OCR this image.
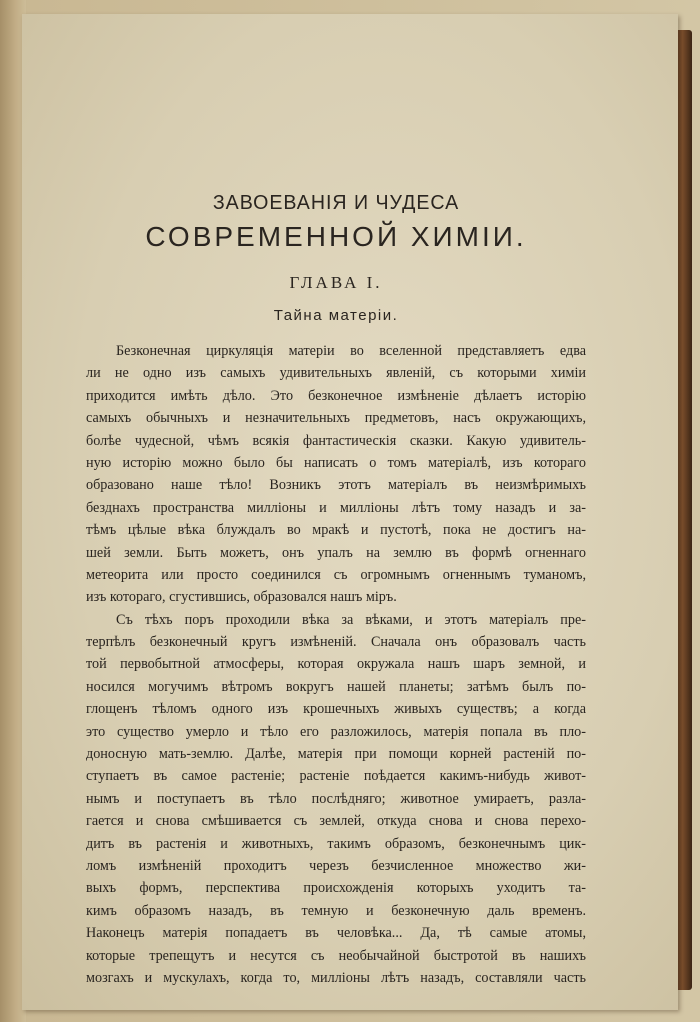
ЗАВОЕВАНІЯ И ЧУДЕСА
СОВРЕМЕННОЙ ХИМІИ.
ГЛАВА I.
Тайна матеріи.
Безконечная циркуляція матеріи во вселенной представляетъ едва
ли не одно изъ самыхъ удивительныхъ явленій, съ которыми химіи
приходится имѣть дѣло. Это безконечное измѣненіе дѣлаетъ исторію
самыхъ обычныхъ и незначительныхъ предметовъ, насъ окружающихъ,
болѣе чудесной, чѣмъ всякія фантастическія сказки. Какую удивитель-
ную исторію можно было бы написать о томъ матеріалѣ, изъ котораго
образовано наше тѣло! Возникъ этотъ матеріалъ въ неизмѣримыхъ
безднахъ пространства милліоны и милліоны лѣтъ тому назадъ и за-
тѣмъ цѣлые вѣка блуждалъ во мракѣ и пустотѣ, пока не достигъ на-
шей земли. Быть можетъ, онъ упалъ на землю въ формѣ огненнаго
метеорита или просто соединился съ огромнымъ огненнымъ туманомъ,
изъ котораго, сгустившись, образовался нашъ міръ.
Съ тѣхъ поръ проходили вѣка за вѣками, и этотъ матеріалъ пре-
терпѣлъ безконечный кругъ измѣненій. Сначала онъ образовалъ часть
той первобытной атмосферы, которая окружала нашъ шаръ земной, и
носился могучимъ вѣтромъ вокругъ нашей планеты; затѣмъ былъ по-
глощенъ тѣломъ одного изъ крошечныхъ живыхъ существъ; а когда
это существо умерло и тѣло его разложилось, матерія попала въ пло-
доносную мать-землю. Далѣе, матерія при помощи корней растеній по-
ступаетъ въ самое растеніе; растеніе поѣдается какимъ-нибудь живот-
нымъ и поступаетъ въ тѣло послѣдняго; животное умираетъ, разла-
гается и снова смѣшивается съ землей, откуда снова и снова перехо-
дитъ въ растенія и животныхъ, такимъ образомъ, безконечнымъ цик-
ломъ измѣненій проходитъ черезъ безчисленное множество жи-
выхъ формъ, перспектива происхожденія которыхъ уходитъ та-
кимъ образомъ назадъ, въ темную и безконечную даль временъ.
Наконецъ матерія попадаетъ въ человѣка... Да, тѣ самые атомы,
которые трепещутъ и несутся съ необычайной быстротой въ нашихъ
мозгахъ и мускулахъ, когда то, милліоны лѣтъ назадъ, составляли часть
